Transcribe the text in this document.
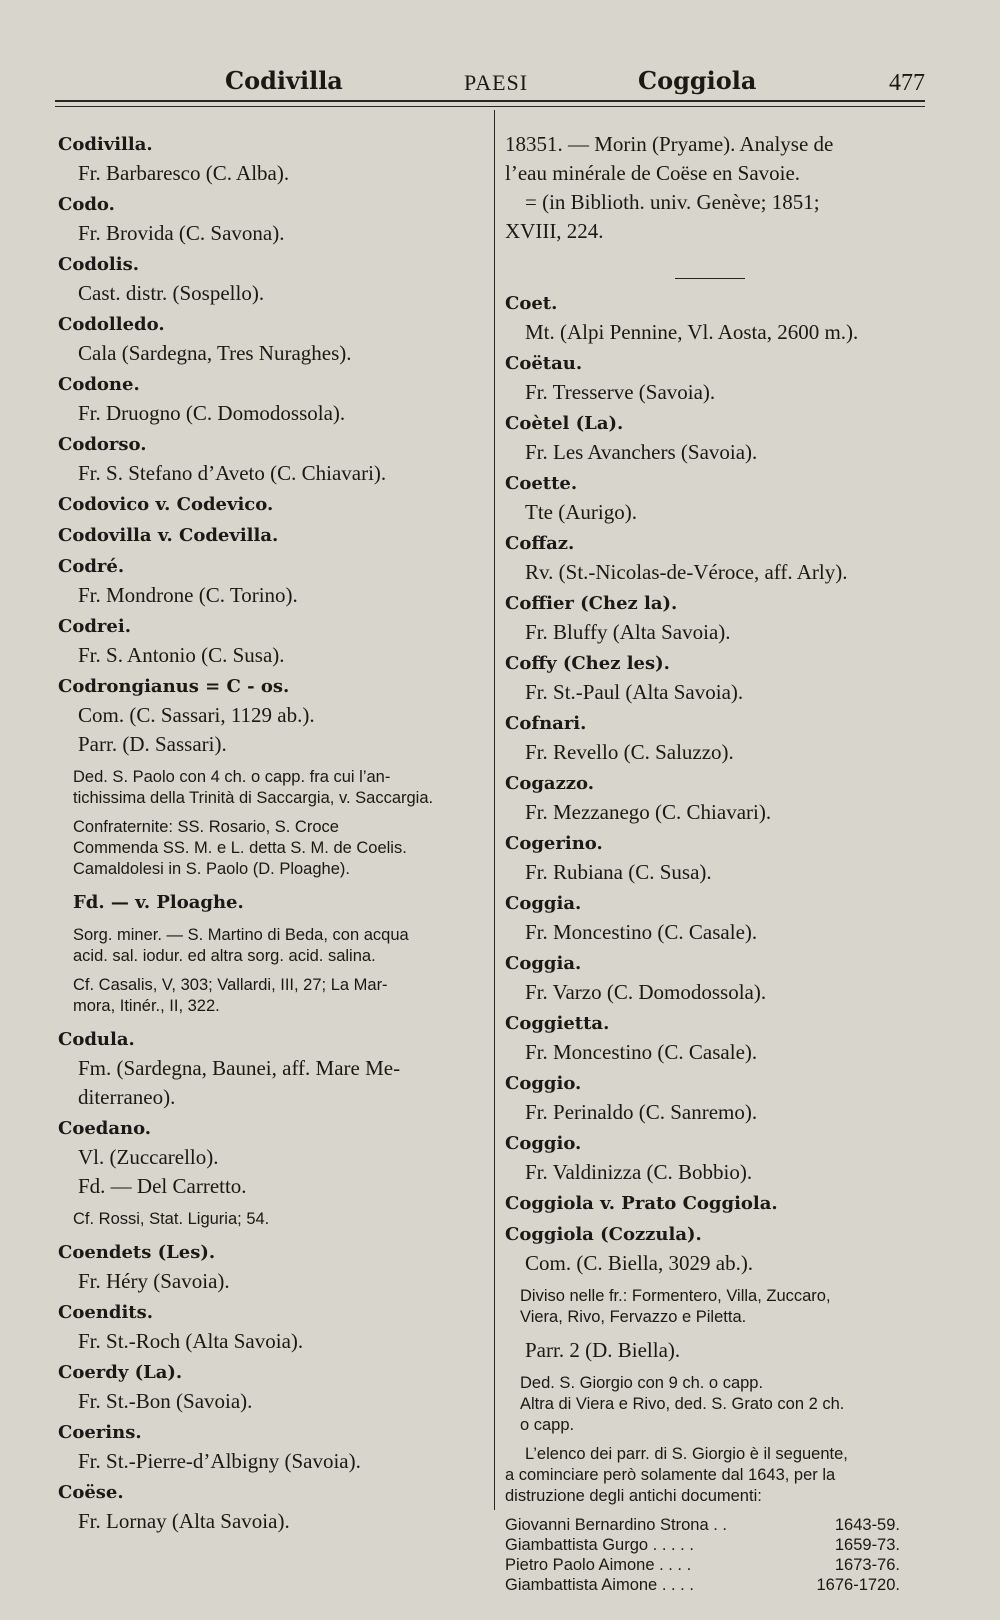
Codivilla	PAESI	Coggiola	477
Codivilla.
Fr. Barbaresco (C. Alba).
Codo.
Fr. Brovida (C. Savona).
Codolis.
Cast. distr. (Sospello).
Codolledo.
Cala (Sardegna, Tres Nuraghes).
Codone.
Fr. Druogno (C. Domodossola).
Codorso.
Fr. S. Stefano d’Aveto (C. Chiavari).
Codovico v. Codevico.
Codovilla v. Codevilla.
Codré.
Fr. Mondrone (C. Torino).
Codrei.
Fr. S. Antonio (C. Susa).
Codrongianus = C - os.
Com. (C. Sassari, 1129 ab.).
Parr. (D. Sassari).
Ded. S. Paolo con 4 ch. o capp. fra cui l’an-
tichissima della Trinità di Saccargia, v. Saccargia.
Confraternite: SS. Rosario, S. Croce
Commenda SS. M. e L. detta S. M. de Coelis.
Camaldolesi in S. Paolo (D. Ploaghe).
Fd. — v. Ploaghe.
Sorg. miner. — S. Martino di Beda, con acqua
acid. sal. iodur. ed altra sorg. acid. salina.
Cf. Casalis, V, 303; Vallardi, III, 27; La Mar-
mora, Itinér., II, 322.
Codula.
Fm. (Sardegna, Baunei, aff. Mare Me-
diterraneo).
Coedano.
Vl. (Zuccarello).
Fd. — Del Carretto.
Cf. Rossi, Stat. Liguria; 54.
Coendets (Les).
Fr. Héry (Savoia).
Coendits.
Fr. St.-Roch (Alta Savoia).
Coerdy (La).
Fr. St.-Bon (Savoia).
Coerins.
Fr. St.-Pierre-d’Albigny (Savoia).
Coëse.
Fr. Lornay (Alta Savoia).
18351. — Morin (Pryame). Analyse de
l’eau minérale de Coëse en Savoie.
= (in Biblioth. univ. Genève; 1851;
XVIII, 224.
Coet.
Mt. (Alpi Pennine, Vl. Aosta, 2600 m.).
Coëtau.
Fr. Tresserve (Savoia).
Coètel (La).
Fr. Les Avanchers (Savoia).
Coette.
Tte (Aurigo).
Coffaz.
Rv. (St.-Nicolas-de-Véroce, aff. Arly).
Coffier (Chez la).
Fr. Bluffy (Alta Savoia).
Coffy (Chez les).
Fr. St.-Paul (Alta Savoia).
Cofnari.
Fr. Revello (C. Saluzzo).
Cogazzo.
Fr. Mezzanego (C. Chiavari).
Cogerino.
Fr. Rubiana (C. Susa).
Coggia.
Fr. Moncestino (C. Casale).
Coggia.
Fr. Varzo (C. Domodossola).
Coggietta.
Fr. Moncestino (C. Casale).
Coggio.
Fr. Perinaldo (C. Sanremo).
Coggio.
Fr. Valdinizza (C. Bobbio).
Coggiola v. Prato Coggiola.
Coggiola (Cozzula).
Com. (C. Biella, 3029 ab.).
Diviso nelle fr.: Formentero, Villa, Zuccaro,
Viera, Rivo, Fervazzo e Piletta.
Parr. 2 (D. Biella).
Ded. S. Giorgio con 9 ch. o capp.
Altra di Viera e Rivo, ded. S. Grato con 2 ch.
o capp.
L’elenco dei parr. di S. Giorgio è il seguente,
a cominciare però solamente dal 1643, per la
distruzione degli antichi documenti:
Giovanni Bernardino Strona . .	1643-59.
Giambattista Gurgo . . . . .	1659-73.
Pietro Paolo Aimone . . . .	1673-76.
Giambattista Aimone . . . .	1676-1720.
